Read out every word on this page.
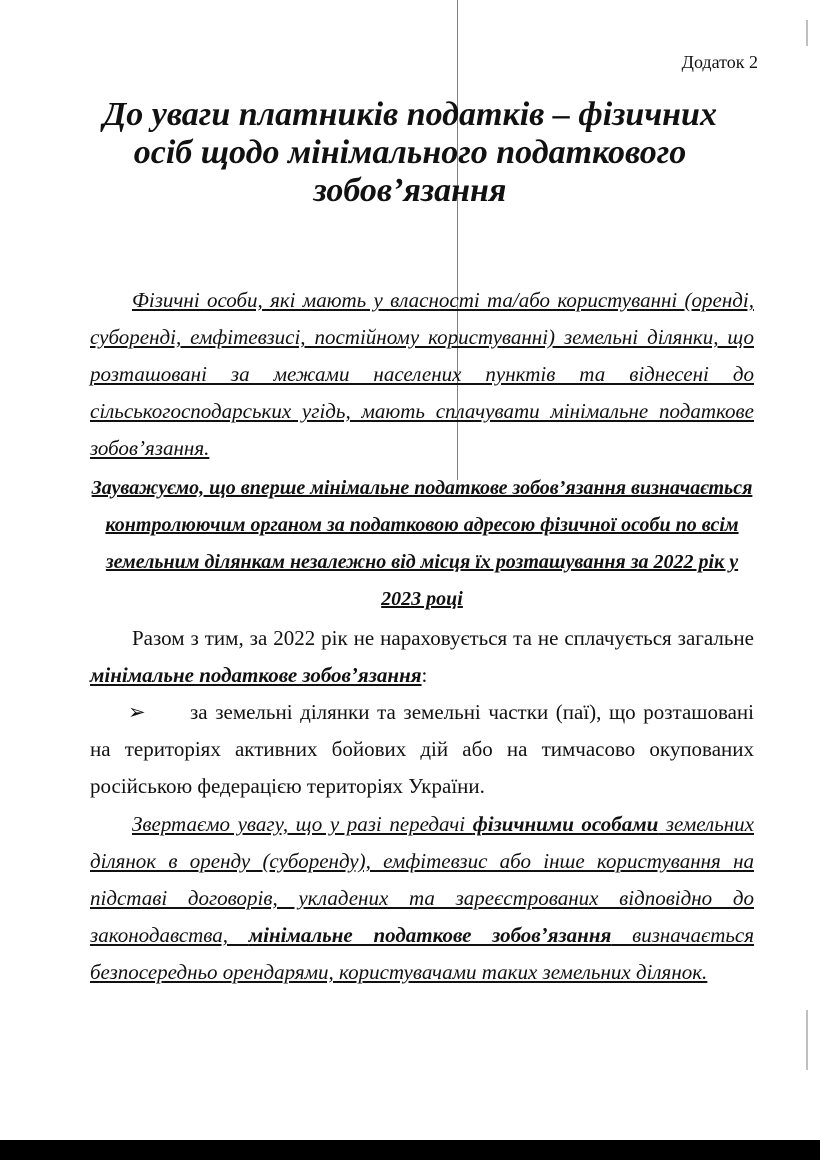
Додаток 2
До уваги платників податків – фізичних осіб щодо мінімального податкового зобов’язання
Фізичні особи, які мають у власності та/або користуванні (оренді, суборенді, емфітевзисі, постійному користуванні) земельні ділянки, що розташовані за межами населених пунктів та віднесені до сільськогосподарських угідь, мають сплачувати мінімальне податкове зобов’язання.
Зауважуємо, що вперше мінімальне податкове зобов’язання визначається контролюючим органом за податковою адресою фізичної особи по всім земельним ділянкам незалежно від місця їх розташування за 2022 рік у 2023 році
Разом з тим, за 2022 рік не нараховується та не сплачується загальне мінімальне податкове зобов’язання:
➢ за земельні ділянки та земельні частки (паї), що розташовані на територіях активних бойових дій або на тимчасово окупованих російською федерацією територіях України.
Звертаємо увагу, що у разі передачі фізичними особами земельних ділянок в оренду (суборенду), емфітевзис або інше користування на підставі договорів, укладених та зареєстрованих відповідно до законодавства, мінімальне податкове зобов’язання визначається безпосередньо орендарями, користувачами таких земельних ділянок.
